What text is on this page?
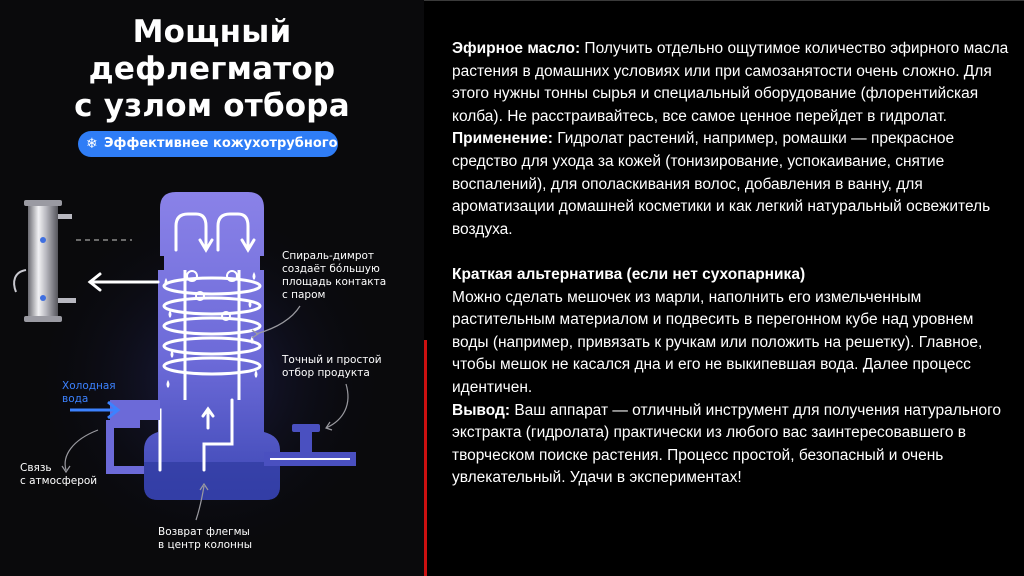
Мощный
дефлегматор
с узлом отбора
❄ Эффективнее кожухотрубного
Спираль-димрот
создаёт бóльшую
площадь контакта
с паром
Точный и простой
отбор продукта
Холодная
вода
Связь
с атмосферой
Возврат флегмы
в центр колонны

Эфирное масло: Получить отдельно ощутимое количество эфирного масла растения в домашних условиях или при самозанятости очень сложно. Для этого нужны тонны сырья и специальный оборудование (флорентийская колба). Не расстраивайтесь, все самое ценное перейдет в гидролат.

Применение: Гидролат растений, например, ромашки — прекрасное средство для ухода за кожей (тонизирование, успокаивание, снятие воспалений), для ополаскивания волос, добавления в ванну, для ароматизации домашней косметики и как легкий натуральный освежитель воздуха.

Краткая альтернатива (если нет сухопарника)

Можно сделать мешочек из марли, наполнить его измельченным растительным материалом и подвесить в перегонном кубе над уровнем воды (например, привязать к ручкам или положить на решетку). Главное, чтобы мешок не касался дна и его не выкипевшая вода. Далее процесс идентичен.

Вывод: Ваш аппарат — отличный инструмент для получения натурального экстракта (гидролата) практически из любого вас заинтересовавшего в творческом поиске растения. Процесс простой, безопасный и очень увлекательный. Удачи в экспериментах!
